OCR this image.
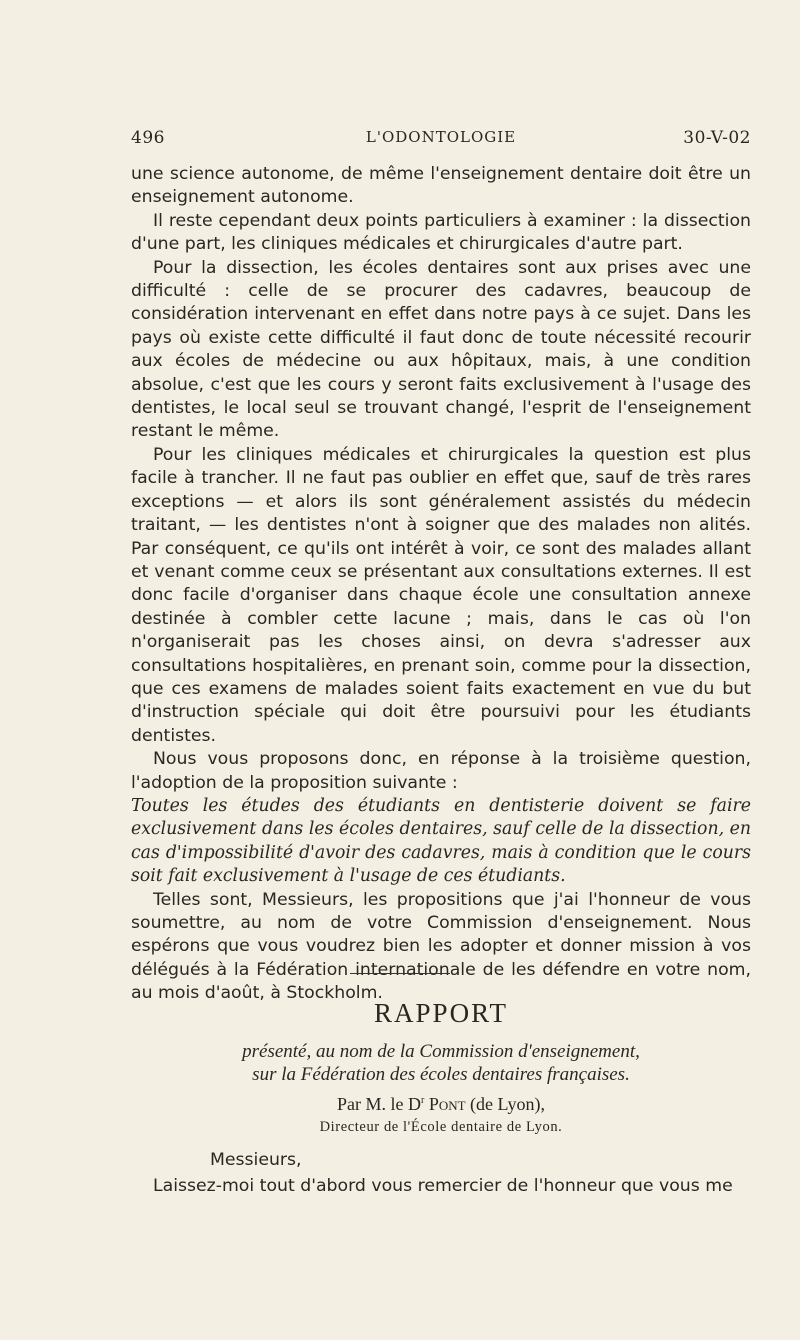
496	L'ODONTOLOGIE	30-V-02

une science autonome, de même l'enseignement dentaire doit être un enseignement autonome.

Il reste cependant deux points particuliers à examiner : la dissection d'une part, les cliniques médicales et chirurgicales d'autre part.

Pour la dissection, les écoles dentaires sont aux prises avec une difficulté : celle de se procurer des cadavres, beaucoup de considération intervenant en effet dans notre pays à ce sujet. Dans les pays où existe cette difficulté il faut donc de toute nécessité recourir aux écoles de médecine ou aux hôpitaux, mais, à une condition absolue, c'est que les cours y seront faits exclusivement à l'usage des dentistes, le local seul se trouvant changé, l'esprit de l'enseignement restant le même.

Pour les cliniques médicales et chirurgicales la question est plus facile à trancher. Il ne faut pas oublier en effet que, sauf de très rares exceptions — et alors ils sont généralement assistés du médecin traitant, — les dentistes n'ont à soigner que des malades non alités. Par conséquent, ce qu'ils ont intérêt à voir, ce sont des malades allant et venant comme ceux se présentant aux consultations externes. Il est donc facile d'organiser dans chaque école une consultation annexe destinée à combler cette lacune ; mais, dans le cas où l'on n'organiserait pas les choses ainsi, on devra s'adresser aux consultations hospitalières, en prenant soin, comme pour la dissection, que ces examens de malades soient faits exactement en vue du but d'instruction spéciale qui doit être poursuivi pour les étudiants dentistes.

Nous vous proposons donc, en réponse à la troisième question, l'adoption de la proposition suivante :

Toutes les études des étudiants en dentisterie doivent se faire exclusivement dans les écoles dentaires, sauf celle de la dissection, en cas d'impossibilité d'avoir des cadavres, mais à condition que le cours soit fait exclusivement à l'usage de ces étudiants.

Telles sont, Messieurs, les propositions que j'ai l'honneur de vous soumettre, au nom de votre Commission d'enseignement. Nous espérons que vous voudrez bien les adopter et donner mission à vos délégués à la Fédération internationale de les défendre en votre nom, au mois d'août, à Stockholm.

RAPPORT
présenté, au nom de la Commission d'enseignement,
sur la Fédération des écoles dentaires françaises.
Par M. le $D^r$ Pont (de Lyon),
Directeur de l'École dentaire de Lyon.
Messieurs,
Laissez-moi tout d'abord vous remercier de l'honneur que vous me
